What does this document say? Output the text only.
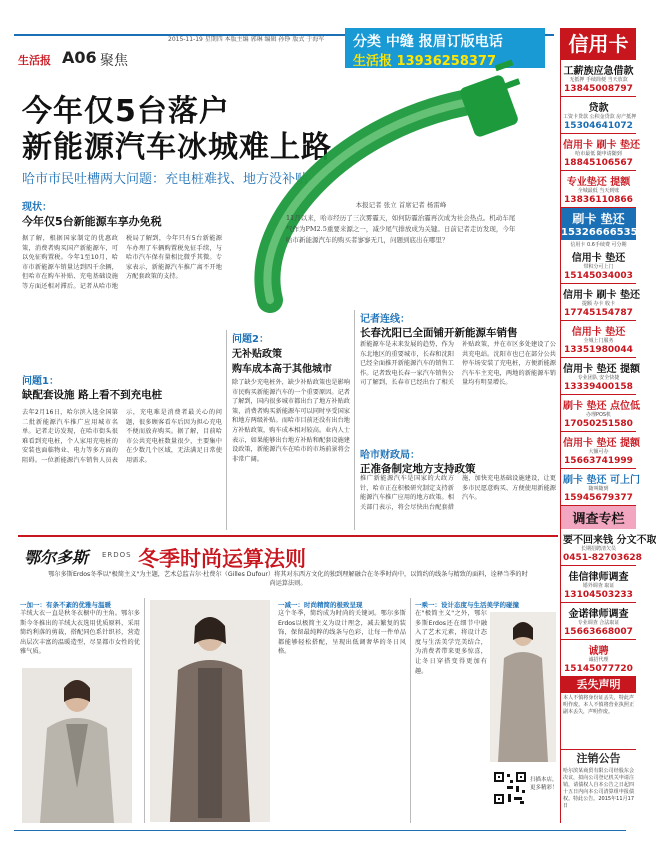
生活报 A06 聚焦
2015-11-19 星期四 本版主编 郭琳 编辑 孙铮 版式 于海军 分类 中缝 报眉订版电话
生活报 13936258377
今年仅5台落户
新能源汽车冰城难上路
哈市市民吐槽两大问题：充电桩难找、地方没补贴
本报记者 张立 首席记者 杨雷峰
11月以来，哈市经历了三次雾霾天，如何防霾治霾再次成为社会热点。机动车尾气作为PM2.5重要来源之一，减少尾气排放成为关键。日前记者走访发现，今年哈市新能源汽车的购买者寥寥无几，问题到底出在哪里？
现状：
今年仅5台新能源车享办免税
据了解，根据国家制定的优惠政策，消费者购买国产新能源车，可以免征购置税。今年1至10月，哈市市新能源车销量达到四千余辆，但哈市在购车补贴、充电基础设施等方面还相对滞后。记者从哈市地税局了解到，今年只有5台新能源车办理了车辆购置税免征手续，与哈市汽车保有量相比微乎其微。专家表示，新能源汽车推广离不开地方配套政策的支持。
问题1：
缺配套设施 路上看不到充电桩
去年2月16日，哈尔滨入选全国第二批新能源汽车推广应用城市名单。记者走访发现，在哈市街头很难看到充电桩，个人家用充电桩的安装也面临物业、电力等多方面的阻碍。一位新能源汽车销售人员表示，充电难是消费者最关心的问题，很多顾客看车后因为担心充电不便而放弃购买。据了解，目前哈市公共充电桩数量很少，主要集中在少数几个区域，无法满足日常使用需求。
问题2：
无补贴政策
购车成本高于其他城市
除了缺少充电桩外，缺少补贴政策也是影响市民购买新能源汽车的一个重要原因。记者了解到，国内很多城市都出台了地方补贴政策，消费者购买新能源车可以同时享受国家和地方两级补贴。而哈市目前还没有出台地方补贴政策，购车成本相对较高。业内人士表示，如果能够出台地方补贴和配套设施建设政策，新能源汽车在哈市的市场前景将会非常广阔。
记者连线：
长春沈阳已全面铺开新能源车销售
新能源车是未来发展的趋势，作为东北地区的重要城市，长春和沈阳已经全面推开新能源汽车的销售工作。记者致电长春一家汽车销售公司了解到，长春市已经出台了相关补贴政策，并在市区多处建设了公共充电站。沈阳市也已在部分公共停车场安装了充电桩，方便新能源汽车车主充电，两地的新能源车销量均有明显增长。
哈市财政局：
正准备制定地方支持政策
推广新能源汽车是国家的大政方针，哈市正在积极研究制定支持新能源汽车推广应用的地方政策。相关部门表示，将会尽快出台配套措施，加快充电基础设施建设，让更多市民愿意购买、方便使用新能源汽车。
鄂尔多斯 ERDOS 冬季时尚运算法则
鄂尔多斯Erdos冬季以"极简主义"为主题，艺术总监吉尔·杜费尔（Gilles Dufour）将其对东西方文化的独到理解融合在冬季时尚中，以简约的线条与精致的面料，诠释当季的时尚运算法则。
一加一：有条不紊的优雅与温暖
羊绒大衣一直是秋冬衣橱中的主角。鄂尔多斯今冬推出的羊绒大衣选用优质原料，采用简约利落的剪裁，搭配同色系针织衫，营造出层次丰富的温暖造型，尽显都市女性的优雅气质。
一减一：时尚精简的极致呈现
这个冬季，简约成为时尚的关键词。鄂尔多斯Erdos以极简主义为设计理念，减去繁复的装饰，保留最纯粹的线条与色彩，让每一件单品都能够轻松搭配，呈现出低调奢华的冬日风格。
一乘一：设计态度与生活美学的碰撞
在"极简主义"之外，鄂尔多斯Erdos还在细节中融入了艺术元素，将设计态度与生活美学完美结合，为消费者带来更多惊喜，让冬日穿搭变得更加有趣。
扫描本店，更多精彩！
信用卡
工薪族应急借款
无抵押 手续简便 当天放款
13845008797
贷款
工资卡贷款 公积金贷款 房产抵押
15304641072
信用卡 刷卡 垫还
哈市最低 随申请随到
18845106567
专业垫还 提额
全城最低 当天到账
13836110866
刷卡 垫还
15326666535
信用卡 0.6手续费 可分期
信用卡 垫还
带积分可上门
15145034003
信用卡 刷卡 垫还
提额 办卡 收卡
17745154787
信用卡 垫还
全城上门服务
13351980044
信用卡 垫还 提额
专业团队 安全快捷
13339400158
刷卡 垫还 点位低
办理POS机
17050251580
信用卡 垫还 提额
大额可办
15663741999
刷卡 垫还 可上门
随叫随到
15945679377
调查专栏
要不回来钱 分文不取
长期招聘清欠员
0451-82703628
佳信律师调查
婚外调查 取证
13104503233
金诺律师调查
专业调查 合法取证
15663668007
诚聘
诚招代理
15145077720
丢失声明
本人不慎将身份证丢失，特此声明作废。本人不慎将营业执照正副本丢失，声明作废。
注销公告
哈尔滨某商贸有限公司经股东会决议，拟向公司登记机关申请注销，请债权人自本公告之日起四十五日内向本公司清算组申报债权。特此公告。2015年11月17日
